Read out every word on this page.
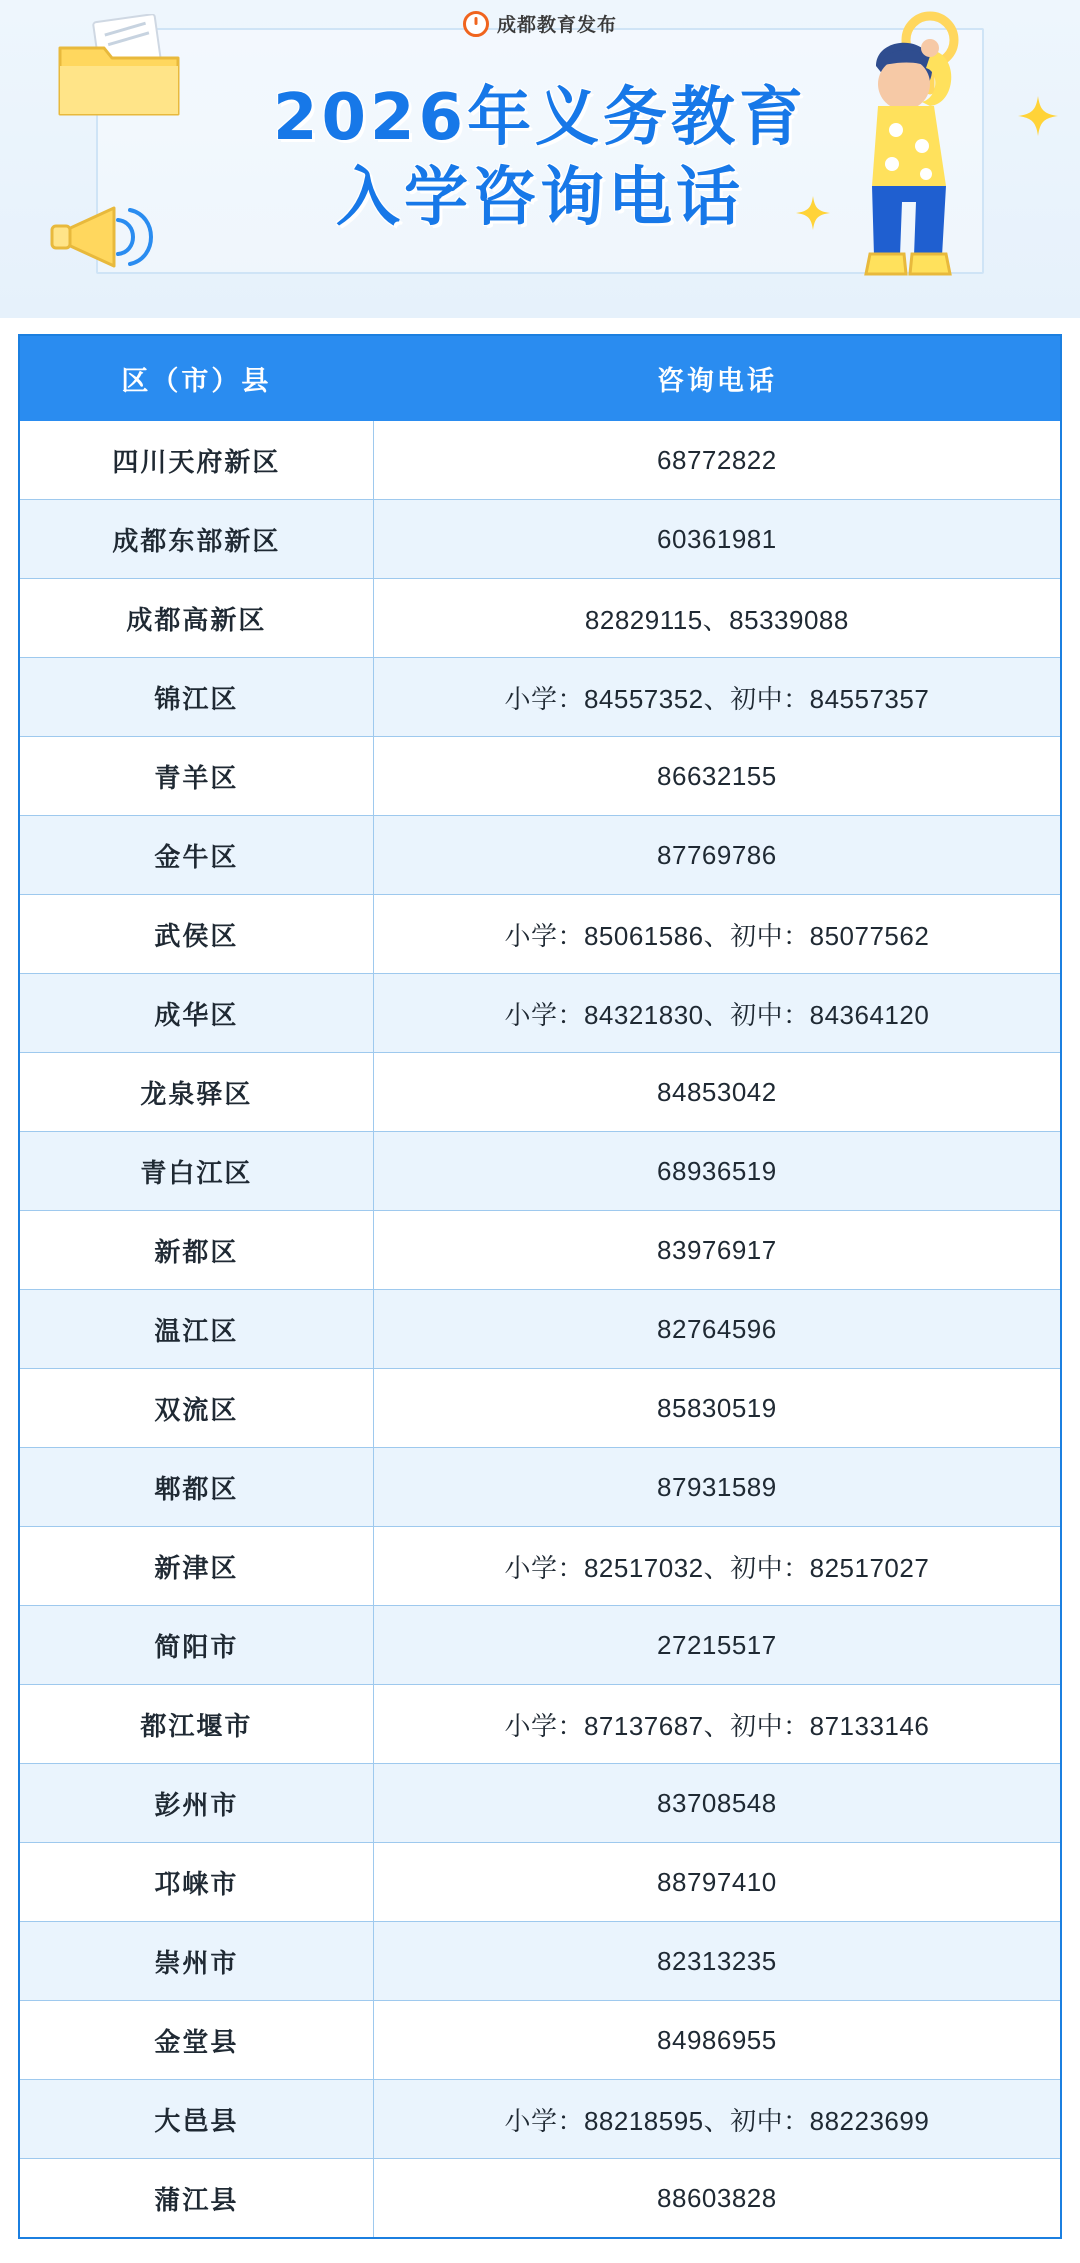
成都教育发布
2026年义务教育
入学咨询电话
区（市）县	咨询电话
四川天府新区	68772822
成都东部新区	60361981
成都高新区	82829115、85339088
锦江区	小学：84557352、初中：84557357
青羊区	86632155
金牛区	87769786
武侯区	小学：85061586、初中：85077562
成华区	小学：84321830、初中：84364120
龙泉驿区	84853042
青白江区	68936519
新都区	83976917
温江区	82764596
双流区	85830519
郫都区	87931589
新津区	小学：82517032、初中：82517027
简阳市	27215517
都江堰市	小学：87137687、初中：87133146
彭州市	83708548
邛崃市	88797410
崇州市	82313235
金堂县	84986955
大邑县	小学：88218595、初中：88223699
蒲江县	88603828
